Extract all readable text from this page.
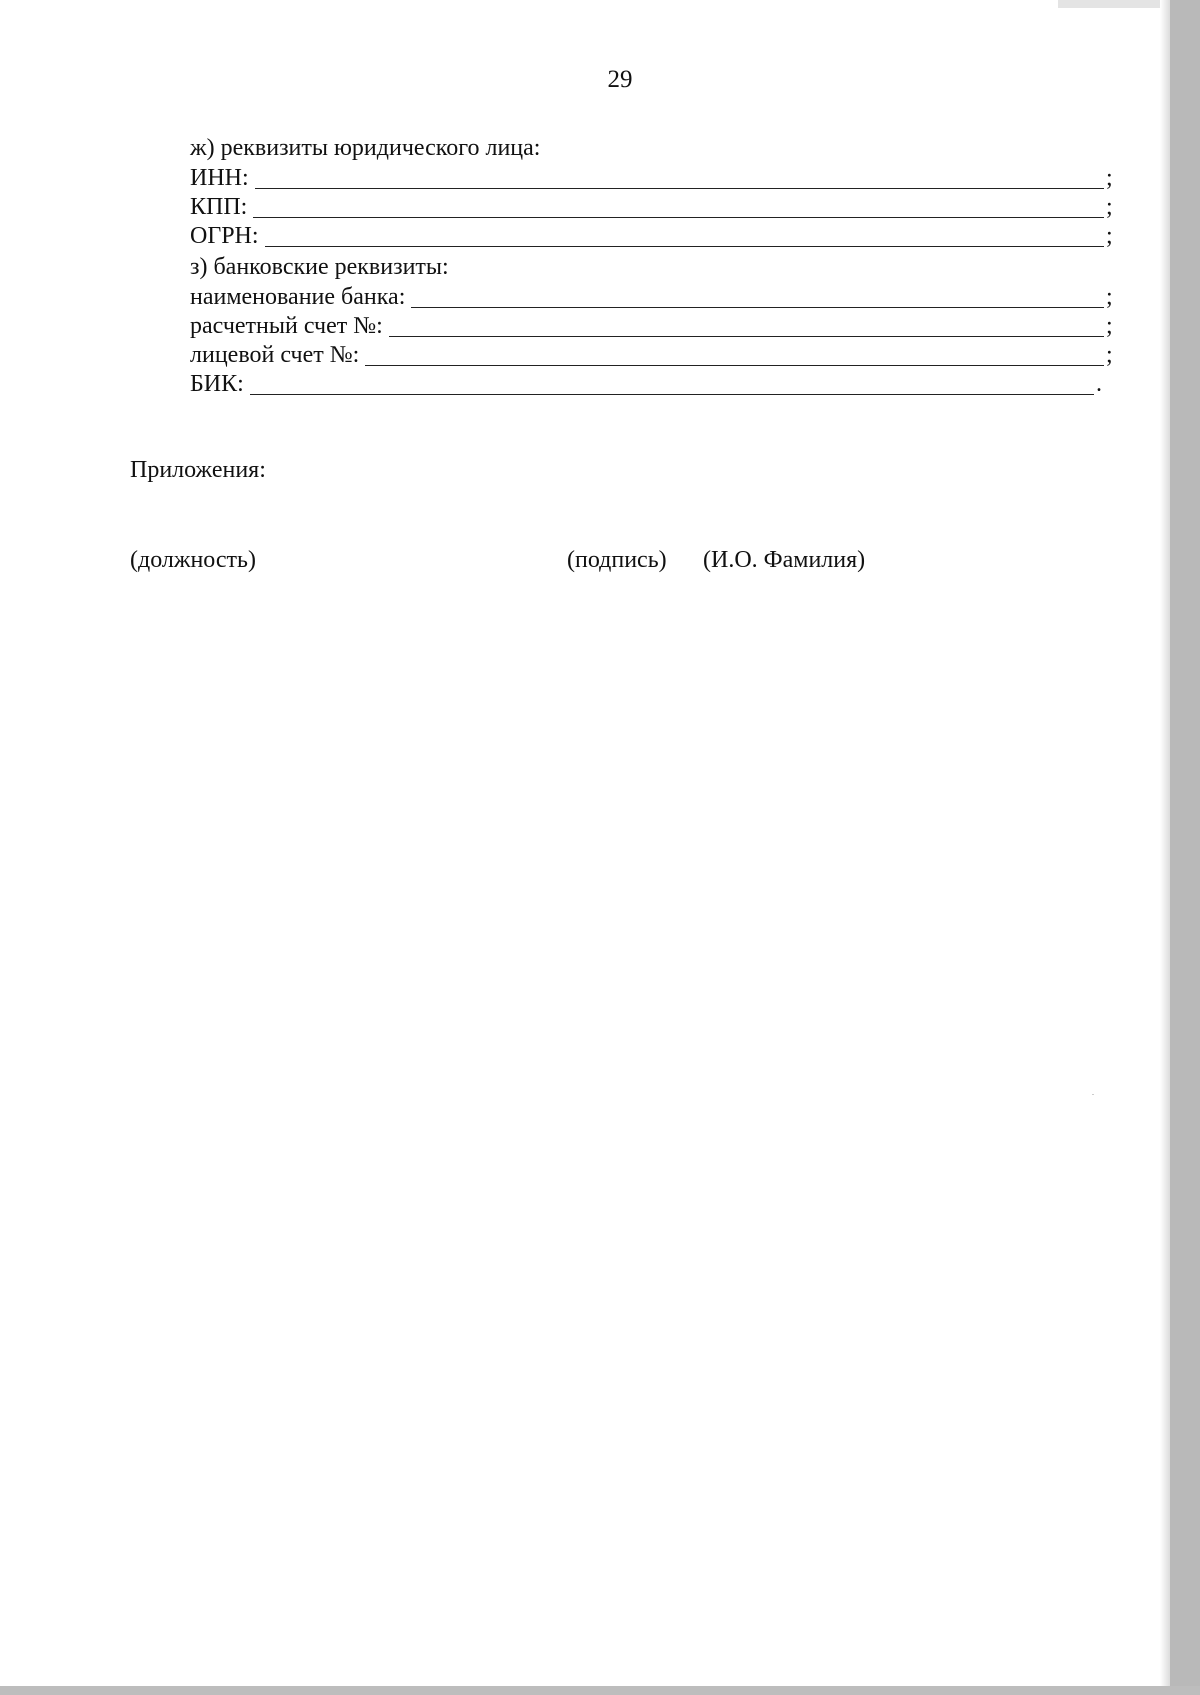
29
ж) реквизиты юридического лица:
ИНН:	;
КПП:	;
ОГРН:	;
з) банковские реквизиты:
наименование банка:	;
расчетный счет №:	;
лицевой счет №:	;
БИК:	.
Приложения:
(должность)	(подпись) (И.О. Фамилия)
